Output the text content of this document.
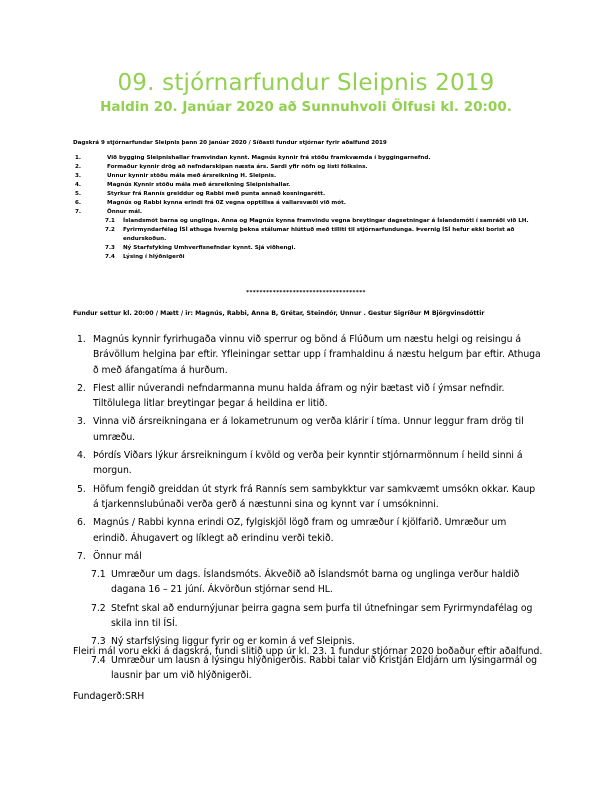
09. stjórnarfundur Sleipnis 2019
Haldin 20. Janúar 2020 að Sunnuhvoli Ölfusi kl. 20:00.
Dagskrá 9 stjórnarfundar Sleipnis þann 20 janúar 2020 / Síðasti fundur stjórnar fyrir aðalfund 2019
1.	Við bygging Sleipnishallar framvindan kynnt. Magnús kynnir frá stöðu framkvæmda í byggingarnefnd.
2.	Formaður kynnir drög að nefndarskipan næsta árs. Sardi yfir nöfn og lísti fólksins.
3.	Unnur kynnir stöðu mála með ársreikning H. Sleipnis.
4.	Magnús Kynnir stöðu mála með ársreikning Sleipnishallar.
5.	Styrkur frá Rannís greiddur og Rabbi með punta annað kosningarétt.
6.	Magnús og Rabbi kynna erindi frá 0Z vegna opptillsa á vallarsvæði við mót.
7.	Önnur mál.
7.1 Íslandsmót barna og unglinga. Anna og Magnús kynna framvindu vegna breytingar dagsetningar á Íslandsmóti í samráði við LH.
7.2 Fyrirmyndarfélag ÍSÍ athuga hvernig þekna stálumar hlúttuð með tilliti til stjórnarfundunga. Þvernig ÍSÍ hefur ekki borist að endurskoðun.
7.3 Ný Starfsfyking Umhverfisnefndar kynnt. Sjá viðhengi.
7.4 Lýsing í hlýðnigerði
************************************
Fundur settur kl. 20:00 / Mætt / ir: Magnús, Rabbi, Anna B, Grétar, Steindór, Unnur . Gestur Sigríður M Björgvinsdóttir
1. Magnús kynnir fyrirhugaða vinnu við sperrur og bönd á Flúðum um næstu helgi og reisingu á Brávöllum helgina þar eftir. Yfleiningar settar upp í framhaldinu á næstu helgum þar eftir. Athuga ð með áfangatíma á hurðum.
2. Flest allir núverandi nefndarmanna munu halda áfram og nýir bætast við í ýmsar nefndir. Tiltölulega litlar breytingar þegar á heildina er litið.
3. Vinna við ársreikningana er á lokametrunum og verða klárir í tíma. Unnur leggur fram drög til umræðu.
4. Þórdís Viðars lýkur ársreikningum í kvöld og verða þeir kynntir stjórnarmönnum í heild sinni á morgun.
5. Höfum fengið greiddan út styrk frá Rannís sem sambykktur var samkvæmt umsókn okkar. Kaup á tjarkennslubúnaði verða gerð á næstunni sina og kynnt var í umsókninni.
6. Magnús / Rabbi kynna erindi OZ, fylgiskjöl lögð fram og umræður í kjölfarið. Umræður um erindið. Áhugavert og líklegt að erindinu verði tekið.
7. Önnur mál
7.1 Umræður um dags. Íslandsmóts. Ákveðið að Íslandsmót barna og unglinga verður haldið dagana 16 – 21 júní. Ákvörðun stjórnar send HL.
7.2 Stefnt skal að endurnýjunar þeirra gagna sem þurfa til útnefningar sem Fyrirmyndafélag og skila inn til ÍSÍ.
7.3 Ný starfslýsing liggur fyrir og er komin á vef Sleipnis.
7.4 Umræður um lausn á lýsingu hlýðnigerðis. Rabbi talar við Kristján Eldjárn um lýsingarmál og lausnir þar um við hlýðnigerði.
Fleiri mál voru ekki á dagskrá, fundi slitið upp úr kl. 23. 1 fundur stjórnar 2020 boðaður eftir aðalfund.
Fundagerð:SRH
